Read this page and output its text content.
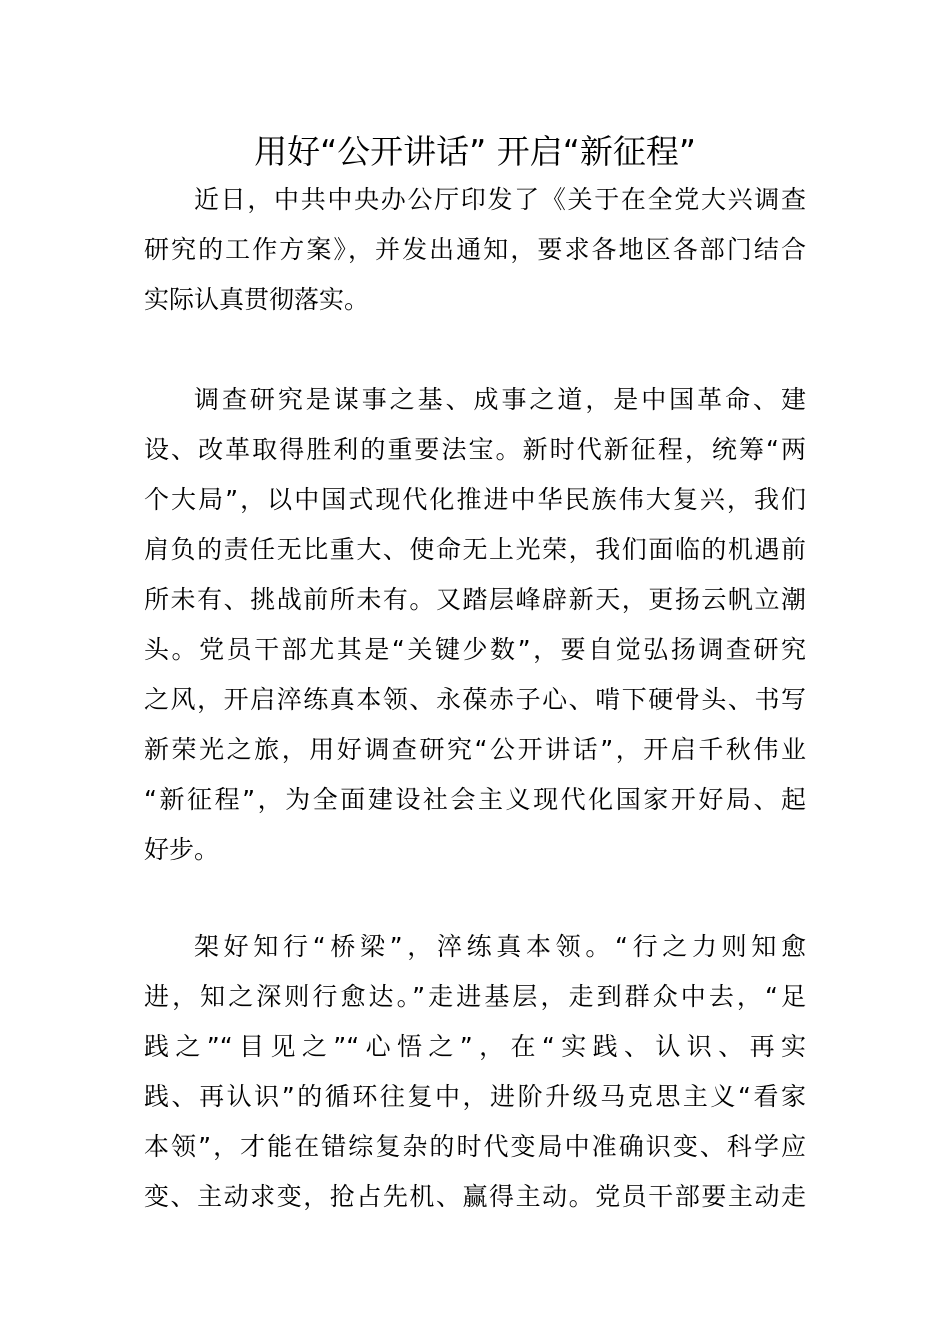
用好“公开讲话” 开启“新征程”
近日，中共中央办公厅印发了《关于在全党大兴调查
研究的工作方案》，并发出通知，要求各地区各部门结合
实际认真贯彻落实。
调查研究是谋事之基、成事之道，是中国革命、建
设、改革取得胜利的重要法宝。新时代新征程，统筹“两
个大局”，以中国式现代化推进中华民族伟大复兴，我们
肩负的责任无比重大、使命无上光荣，我们面临的机遇前
所未有、挑战前所未有。又踏层峰辟新天，更扬云帆立潮
头。党员干部尤其是“关键少数”，要自觉弘扬调查研究
之风，开启淬练真本领、永葆赤子心、啃下硬骨头、书写
新荣光之旅，用好调查研究“公开讲话”，开启千秋伟业
“新征程”，为全面建设社会主义现代化国家开好局、起
好步。
架好知行“桥梁”，淬练真本领。“行之力则知愈
进，知之深则行愈达。”走进基层，走到群众中去，“足
践之”“目见之”“心悟之”，在“实践、认识、再实
践、再认识”的循环往复中，进阶升级马克思主义“看家
本领”，才能在错综复杂的时代变局中准确识变、科学应
变、主动求变，抢占先机、赢得主动。党员干部要主动走
